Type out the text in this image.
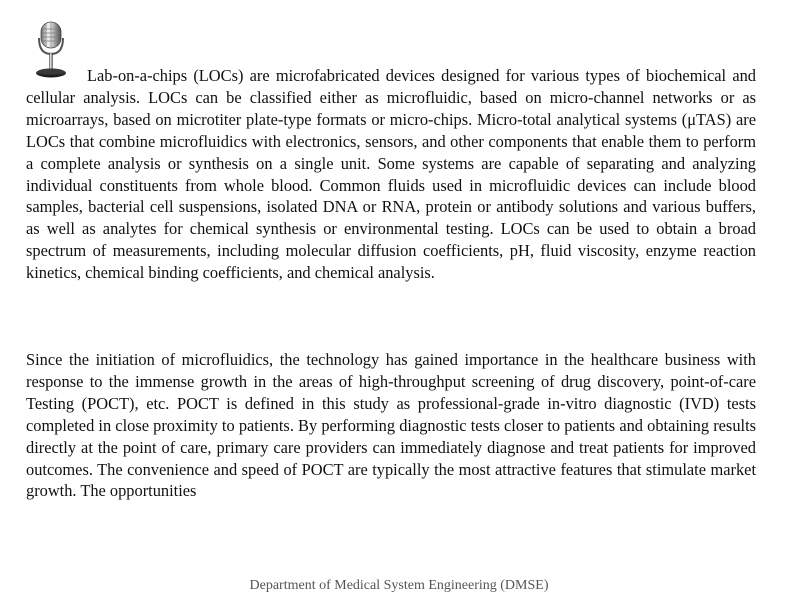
Lab-on-a-chips (LOCs) are microfabricated devices designed for various types of biochemical and cellular analysis. LOCs can be classified either as microfluidic, based on micro-channel networks or as microarrays, based on microtiter plate-type formats or micro-chips. Micro-total analytical systems (μTAS) are LOCs that combine microfluidics with electronics, sensors, and other components that enable them to perform a complete analysis or synthesis on a single unit. Some systems are capable of separating and analyzing individual constituents from whole blood. Common fluids used in microfluidic devices can include blood samples, bacterial cell suspensions, isolated DNA or RNA, protein or antibody solutions and various buffers, as well as analytes for chemical synthesis or environmental testing. LOCs can be used to obtain a broad spectrum of measurements, including molecular diffusion coefficients, pH, fluid viscosity, enzyme reaction kinetics, chemical binding coefficients, and chemical analysis.

Since the initiation of microfluidics, the technology has gained importance in the healthcare business with response to the immense growth in the areas of high-throughput screening of drug discovery, point-of-care Testing (POCT), etc. POCT is defined in this study as professional-grade in-vitro diagnostic (IVD) tests completed in close proximity to patients. By performing diagnostic tests closer to patients and obtaining results directly at the point of care, primary care providers can immediately diagnose and treat patients for improved outcomes. The convenience and speed of POCT are typically the most attractive features that stimulate market growth. The opportunities

Department of Medical System Engineering (DMSE)
